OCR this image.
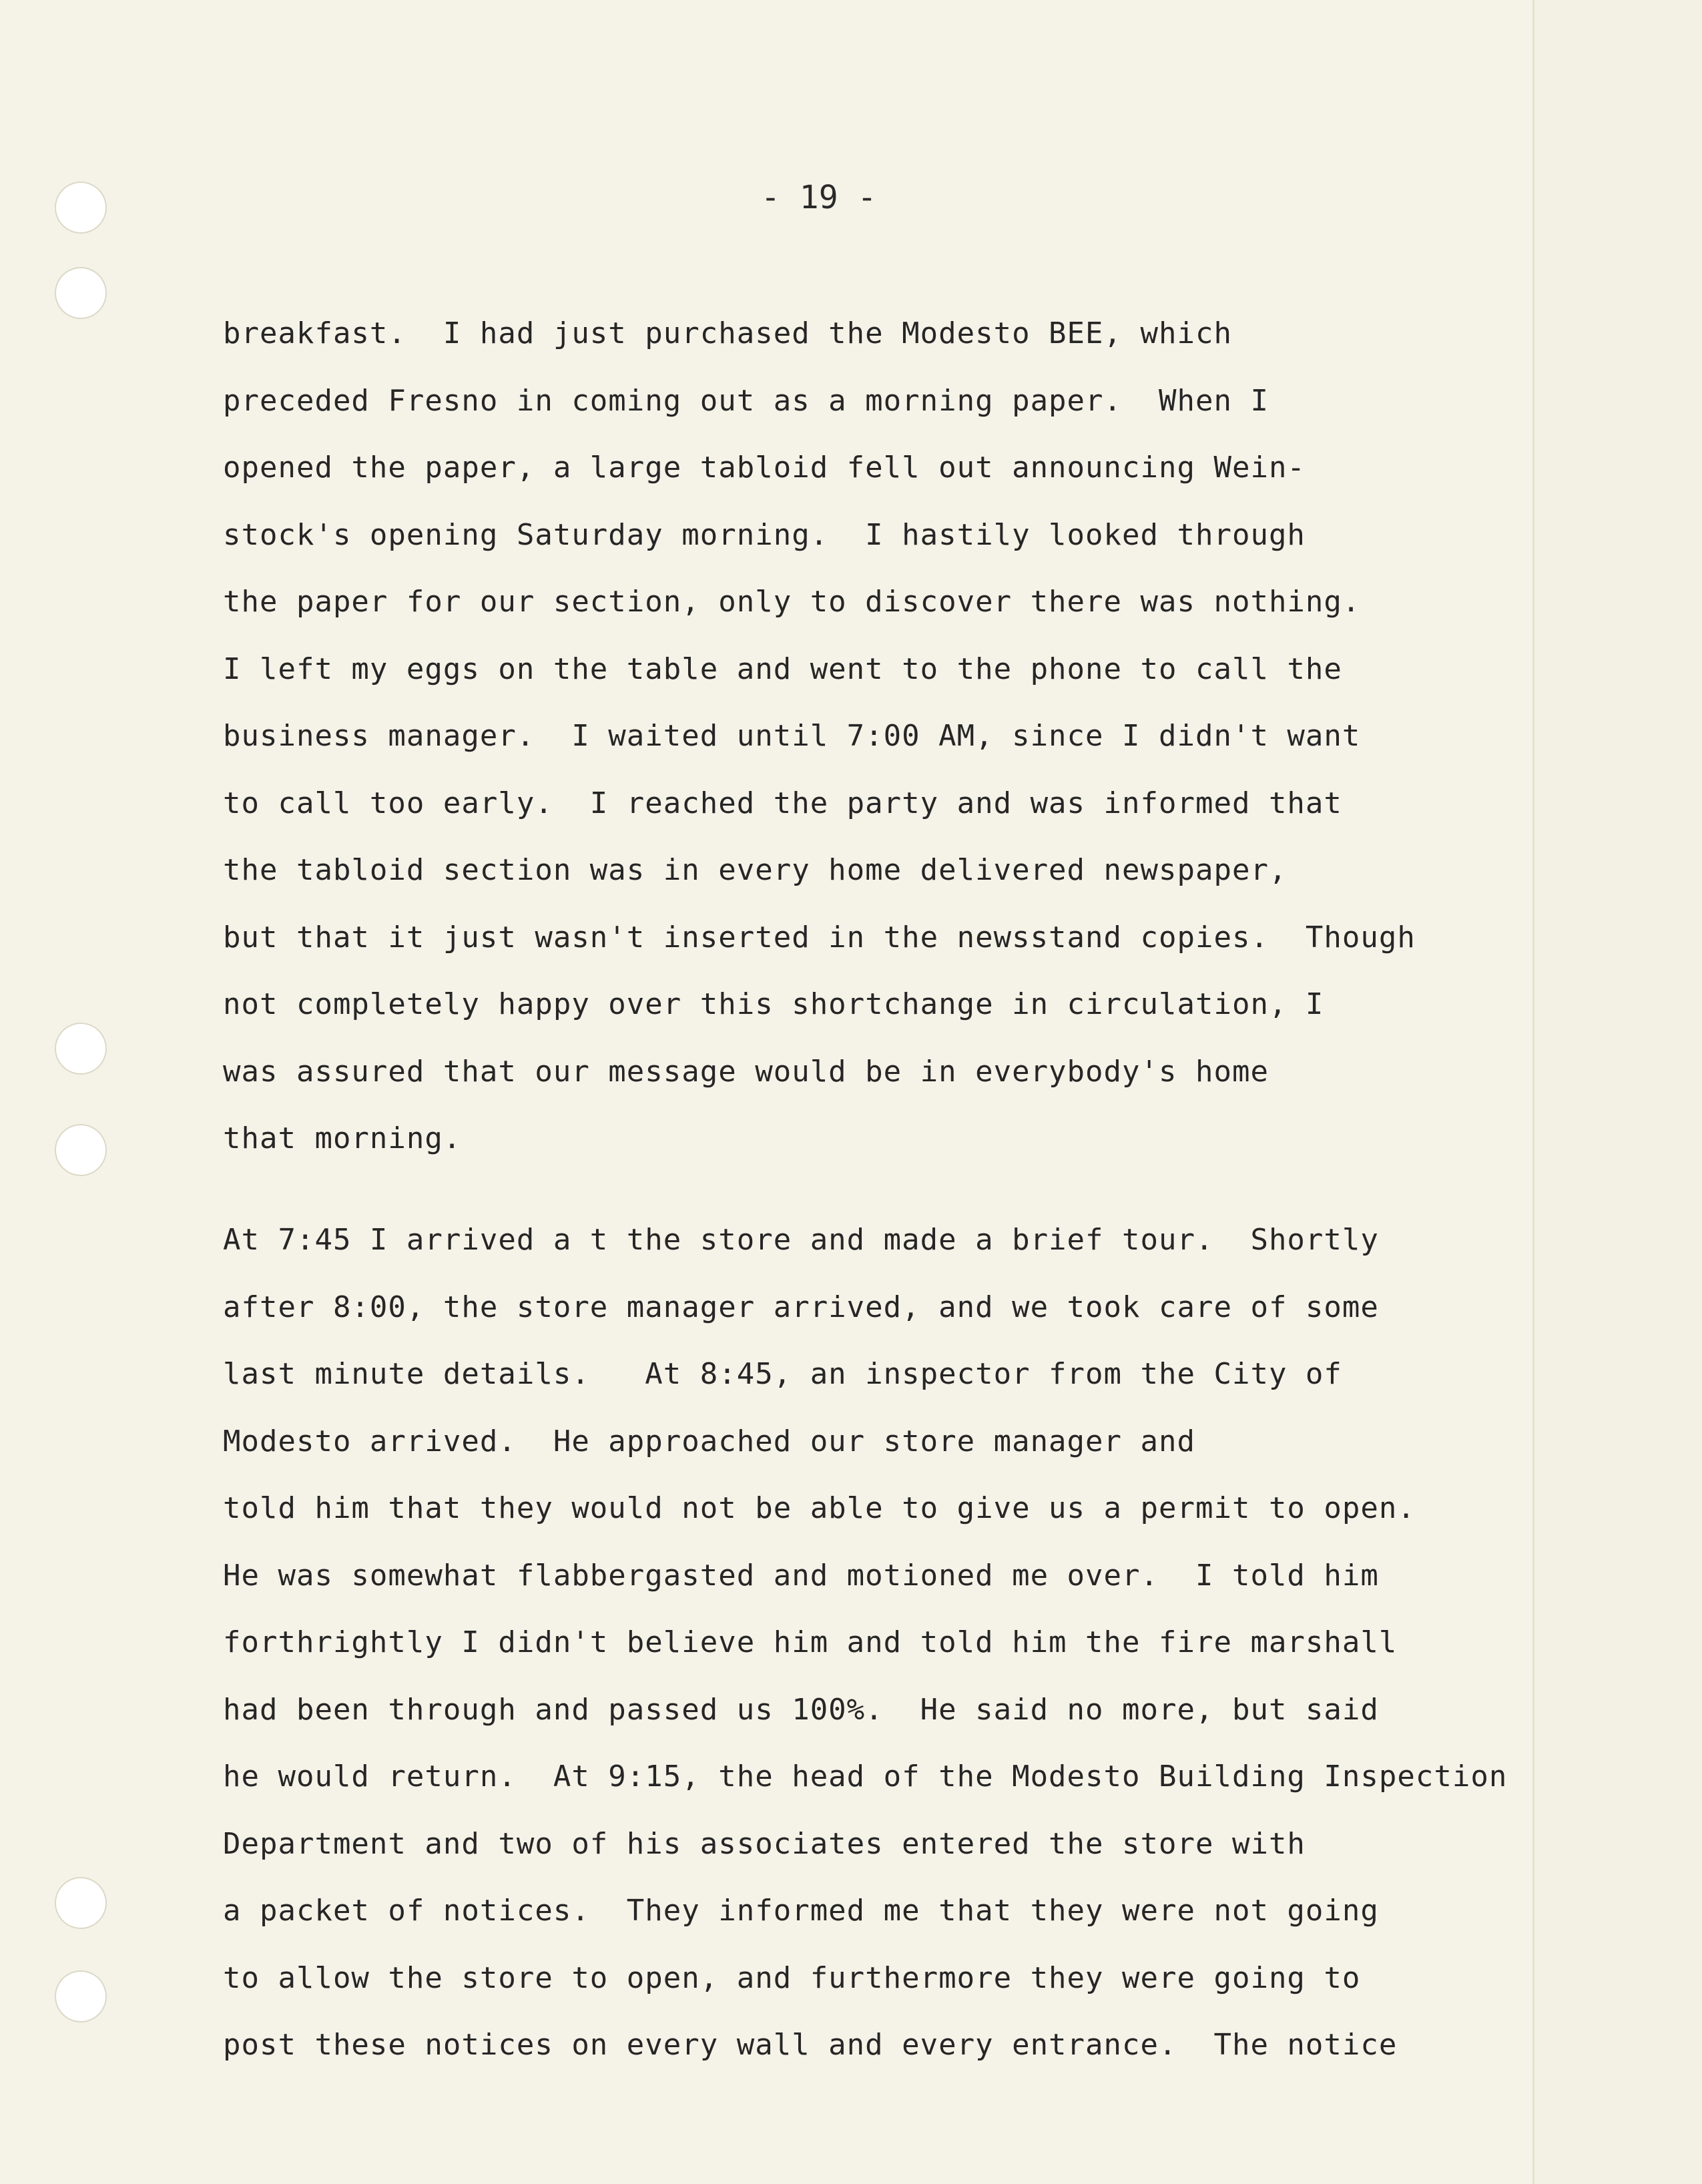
- 19 -
breakfast.  I had just purchased the Modesto BEE, which
preceded Fresno in coming out as a morning paper.  When I
opened the paper, a large tabloid fell out announcing Wein-
stock's opening Saturday morning.  I hastily looked through
the paper for our section, only to discover there was nothing.
I left my eggs on the table and went to the phone to call the
business manager.  I waited until 7:00 AM, since I didn't want
to call too early.  I reached the party and was informed that
the tabloid section was in every home delivered newspaper,
but that it just wasn't inserted in the newsstand copies.  Though
not completely happy over this shortchange in circulation, I
was assured that our message would be in everybody's home
that morning.
At 7:45 I arrived a t the store and made a brief tour.  Shortly
after 8:00, the store manager arrived, and we took care of some
last minute details.   At 8:45, an inspector from the City of
Modesto arrived.  He approached our store manager and
told him that they would not be able to give us a permit to open.
He was somewhat flabbergasted and motioned me over.  I told him
forthrightly I didn't believe him and told him the fire marshall
had been through and passed us 100%.  He said no more, but said
he would return.  At 9:15, the head of the Modesto Building Inspection
Department and two of his associates entered the store with
a packet of notices.  They informed me that they were not going
to allow the store to open, and furthermore they were going to
post these notices on every wall and every entrance.  The notice
